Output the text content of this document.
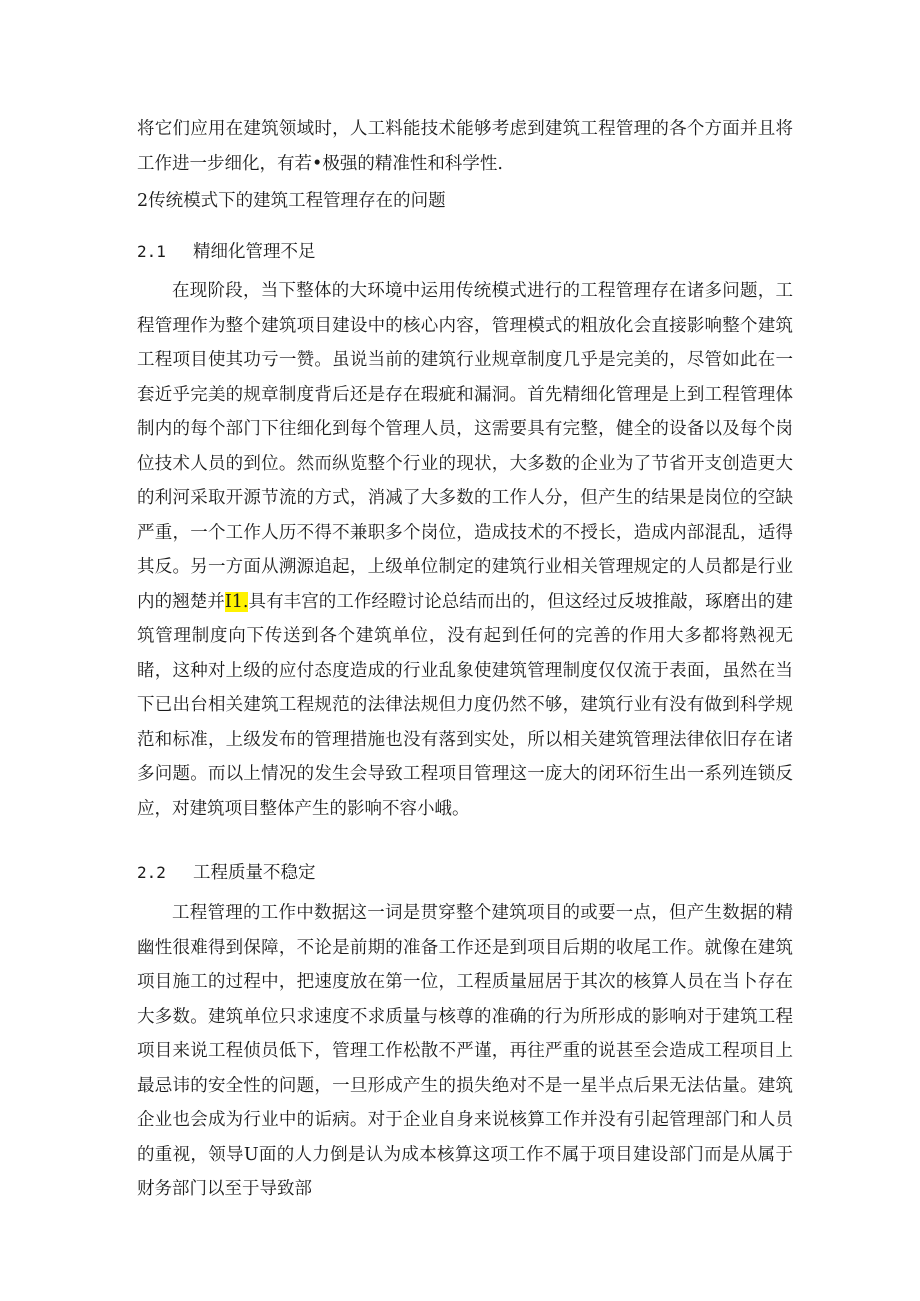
将它们应用在建筑领域时，人工料能技术能够考虑到建筑工程管理的各个方面并且将工作进一步细化，有若•极强的精准性和科学性.

2传统模式下的建筑工程管理存在的问题

2.1 精细化管理不足

在现阶段，当下整体的大环境中运用传统模式进行的工程管理存在诸多问题，工程管理作为整个建筑项目建设中的核心内容，管理模式的粗放化会直接影响整个建筑工程项目使其功亏一赞。虽说当前的建筑行业规章制度几乎是完美的，尽管如此在一套近乎完美的规章制度背后还是存在瑕疵和漏洞。首先精细化管理是上到工程管理体制内的每个部门下往细化到每个管理人员，这需要具有完整，健全的设备以及每个岗位技术人员的到位。然而纵览整个行业的现状，大多数的企业为了节省开支创造更大的利河采取开源节流的方式，消减了大多数的工作人分，但产生的结果是岗位的空缺严重，一个工作人历不得不兼职多个岗位，造成技术的不授长，造成内部混乱，适得其反。另一方面从溯源追起，上级单位制定的建筑行业相关管理规定的人员都是行业内的翘楚并I1.具有丰宫的工作经瞪讨论总结而出的，但这经过反坡推敲，琢磨出的建筑管理制度向下传送到各个建筑单位，没有起到任何的完善的作用大多都将熟视无睹，这种对上级的应付态度造成的行业乱象使建筑管理制度仅仅流于表面，虽然在当下已出台相关建筑工程规范的法律法规但力度仍然不够，建筑行业有没有做到科学规范和标准，上级发布的管理措施也没有落到实处，所以相关建筑管理法律依旧存在诸多问题。而以上情况的发生会导致工程项目管理这一庞大的闭环衍生出一系列连锁反应，对建筑项目整体产生的影响不容小峨。

2.2 工程质量不稳定

工程管理的工作中数据这一词是贯穿整个建筑项目的或要一点，但产生数据的精幽性很难得到保障，不论是前期的准备工作还是到项目后期的收尾工作。就像在建筑项目施工的过程中，把速度放在第一位，工程质量屈居于其次的核算人员在当卜存在大多数。建筑单位只求速度不求质量与核尊的准确的行为所形成的影响对于建筑工程项目来说工程侦员低下，管理工作松散不严谨，再往严重的说甚至会造成工程项目上最忌讳的安全性的问题，一旦形成产生的损失绝对不是一星半点后果无法估量。建筑企业也会成为行业中的诟病。对于企业自身来说核算工作并没有引起管理部门和人员的重视，领导U面的人力倒是认为成本核算这项工作不属于项目建设部门而是从属于财务部门以至于导致部
